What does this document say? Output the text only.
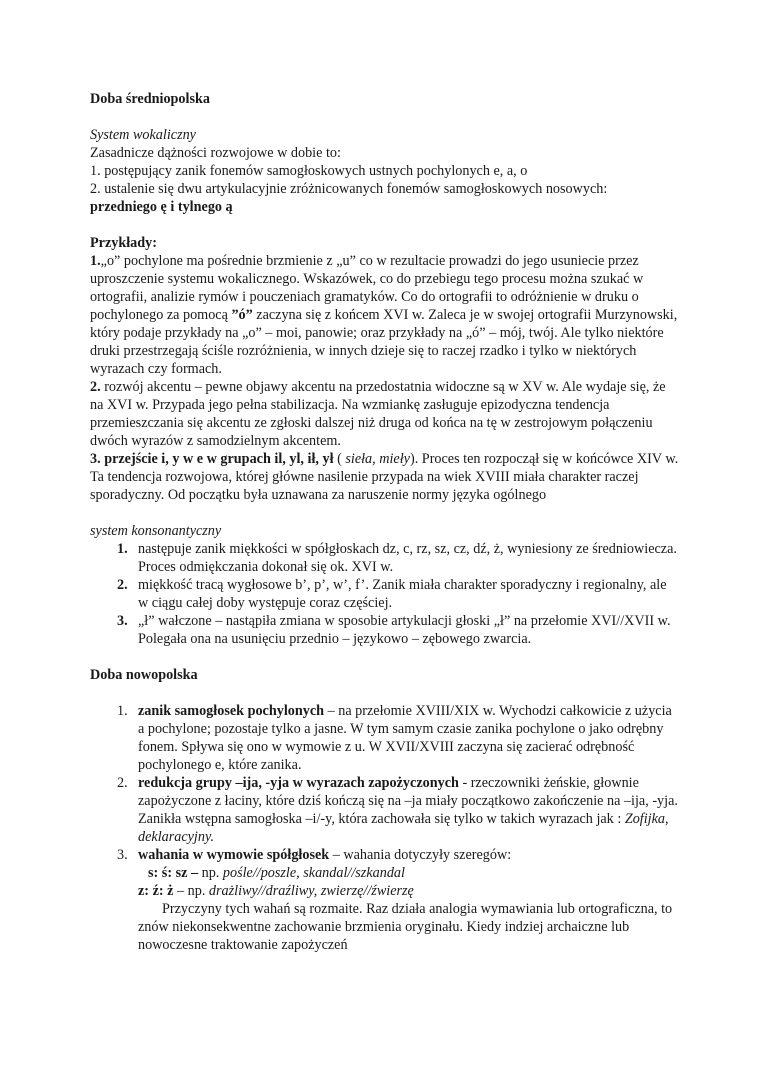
Doba średniopolska

System wokaliczny

Zasadnicze dążności rozwojowe w dobie to:

1. postępujący zanik fonemów samogłoskowych ustnych pochylonych e, a, o

2. ustalenie się dwu artykulacyjnie zróżnicowanych fonemów samogłoskowych nosowych:

przedniego ę i tylnego ą

Przykłady:

1.„o” pochylone ma pośrednie brzmienie z „u” co w rezultacie prowadzi do jego usuniecie przez uproszczenie systemu wokalicznego. Wskazówek, co do przebiegu tego procesu można szukać w ortografii, analizie rymów i pouczeniach gramatyków. Co do ortografii to odróżnienie w druku o pochylonego za pomocą ”ó” zaczyna się z końcem XVI w. Zaleca je w swojej ortografii Murzynowski, który podaje przykłady na „o” – moi, panowie; oraz przykłady na „ó” – mój, twój. Ale tylko niektóre druki przestrzegają ściśle rozróżnienia, w innych dzieje się to raczej rzadko i tylko w niektórych wyrazach czy formach.

2. rozwój akcentu – pewne objawy akcentu na przedostatnia widoczne są w XV w. Ale wydaje się, że na XVI w. Przypada jego pełna stabilizacja. Na wzmiankę zasługuje epizodyczna tendencja przemieszczania się akcentu ze zgłoski dalszej niż druga od końca na tę w zestrojowym połączeniu dwóch wyrazów z samodzielnym akcentem.

3. przejście i, y w e w grupach il, yl, ił, ył ( sieła, miełу). Proces ten rozpoczął się w końcówce XIV w. Ta tendencja rozwojowa, której główne nasilenie przypada na wiek XVIII miała charakter raczej sporadyczny. Od początku była uznawana za naruszenie normy języka ogólnego

system konsonantyczny

1. następuje zanik miękkości w spółgłoskach dz, c, rz, sz, cz, dź, ż, wyniesiony ze średniowiecza. Proces odmiękczania dokonał się ok. XVI w.
2. miękkość tracą wygłosowe b’, p’, w’, f’. Zanik miała charakter sporadyczny i regionalny, ale w ciągu całej doby występuje coraz częściej.
3. „ł” wałczone – nastąpiła zmiana w sposobie artykulacji głoski „ł” na przełomie XVI//XVII w. Polegała ona na usunięciu przednio – językowo – zębowego zwarcia.

Doba nowopolska

1. zanik samogłosek pochylonych – na przełomie XVIII/XIX w. Wychodzi całkowicie z użycia a pochylone; pozostaje tylko a jasne. W tym samym czasie zanika pochylone o jako odrębny fonem. Spływa się ono w wymowie z u. W XVII/XVIII zaczyna się zacierać odrębność pochylonego e, które zanika.
2. redukcja grupy –ija, -yja w wyrazach zapożyczonych - rzeczowniki żeńskie, głownie zapożyczone z łaciny, które dziś kończą się na –ja miały początkowo zakończenie na –ija, -yja. Zanikła wstępna samogłoska –i/-y, która zachowała się tylko w takich wyrazach jak : Zofijka, deklaracyjny.
3. wahania w wymowie spółgłosek – wahania dotyczyły szeregów:

s: ś: sz – np. pośle//poszle, skandal//szkandal

z: ź: ż – np. drażliwy//draźliwy, zwierzę//źwierzę

Przyczyny tych wahań są rozmaite. Raz działa analogia wymawiania lub ortograficzna, to znów niekonsekwentne zachowanie brzmienia oryginału. Kiedy indziej archaiczne lub nowoczesne traktowanie zapożyczeń
